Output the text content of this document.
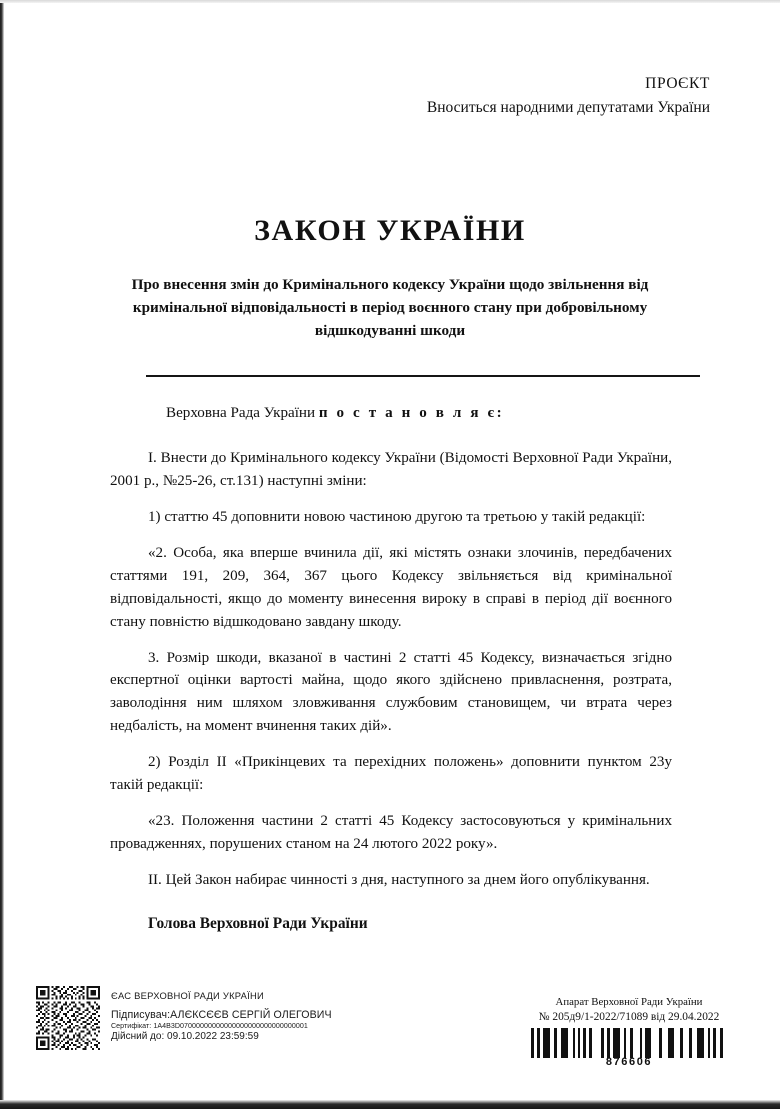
ПРОЄКТ
Вноситься народними депутатами України
ЗАКОН УКРАЇНИ
Про внесення змін до Кримінального кодексу України щодо звільнення від кримінальної відповідальності в період воєнного стану при добровільному відшкодуванні шкоди

Верховна Рада України п о с т а н о в л я є:

I. Внести до Кримінального кодексу України (Відомості Верховної Ради України, 2001 р., №25-26, ст.131) наступні зміни:

1) статтю 45 доповнити новою частиною другою та третьою у такій редакції:

«2. Особа, яка вперше вчинила дії, які містять ознаки злочинів, передбачених статтями 191, 209, 364, 367 цього Кодексу звільняється від кримінальної відповідальності, якщо до моменту винесення вироку в справі в період дії воєнного стану повністю відшкодовано завдану шкоду.

3. Розмір шкоди, вказаної в частині 2 статті 45 Кодексу, визначається згідно експертної оцінки вартості майна, щодо якого здійснено привласнення, розтрата, заволодіння ним шляхом зловживання службовим становищем, чи втрата через недбалість, на момент вчинення таких дій».

2) Розділ II «Прикінцевих та перехідних положень» доповнити пунктом 23у такій редакції:

«23. Положення частини 2 статті 45 Кодексу застосовуються у кримінальних провадженнях, порушених станом на 24 лютого 2022 року».

II. Цей Закон набирає чинності з дня, наступного за днем його опублікування.

Голова Верховної Ради України
ЄАС ВЕРХОВНОЇ РАДИ УКРАЇНИ
Підписувач:АЛЄКСЄЄВ СЕРГІЙ ОЛЕГОВИЧ
Сертифікат: 1A4B3D07000000000000000000000000000001
Дійсний до: 09.10.2022 23:59:59
Апарат Верховної Ради України
№ 205д9/1-2022/71089 від 29.04.2022
876606
